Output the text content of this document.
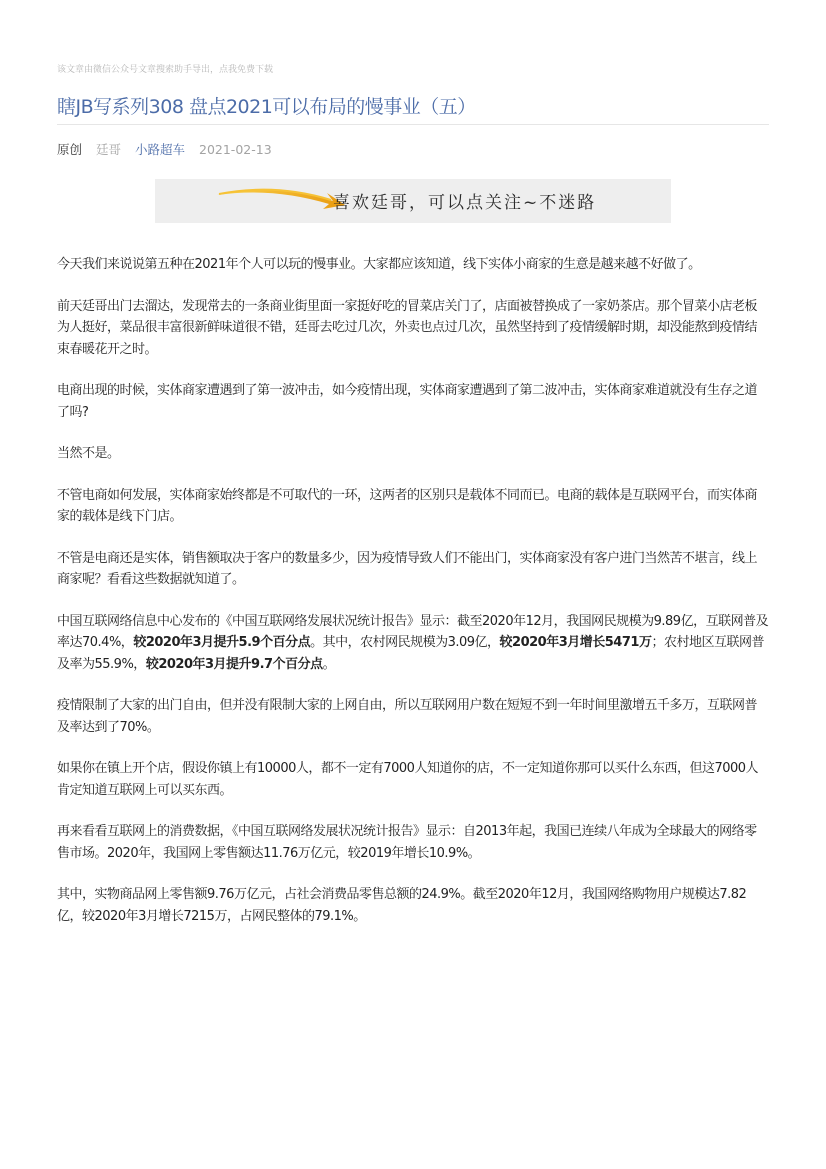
该文章由微信公众号文章搜索助手导出，点我免费下载
瞎JB写系列308 盘点2021可以布局的慢事业（五）
原创 廷哥 小路超车 2021-02-13
喜欢廷哥，可以点关注~不迷路

今天我们来说说第五种在2021年个人可以玩的慢事业。大家都应该知道，线下实体小商家的生意是越来越不好做了。

前天廷哥出门去溜达，发现常去的一条商业街里面一家挺好吃的冒菜店关门了，店面被替换成了一家奶茶店。那个冒菜小店老板为人挺好，菜品很丰富很新鲜味道很不错，廷哥去吃过几次，外卖也点过几次，虽然坚持到了疫情缓解时期，却没能熬到疫情结束春暖花开之时。

电商出现的时候，实体商家遭遇到了第一波冲击，如今疫情出现，实体商家遭遇到了第二波冲击，实体商家难道就没有生存之道了吗?

当然不是。

不管电商如何发展，实体商家始终都是不可取代的一环，这两者的区别只是载体不同而已。电商的载体是互联网平台，而实体商家的载体是线下门店。

不管是电商还是实体，销售额取决于客户的数量多少，因为疫情导致人们不能出门，实体商家没有客户进门当然苦不堪言，线上商家呢？看看这些数据就知道了。

中国互联网络信息中心发布的《中国互联网络发展状况统计报告》显示：截至2020年12月，我国网民规模为9.89亿，互联网普及率达70.4%，较2020年3月提升5.9个百分点。其中，农村网民规模为3.09亿，较2020年3月增长5471万；农村地区互联网普及率为55.9%，较2020年3月提升9.7个百分点。

疫情限制了大家的出门自由，但并没有限制大家的上网自由，所以互联网用户数在短短不到一年时间里激增五千多万，互联网普及率达到了70%。

如果你在镇上开个店，假设你镇上有10000人，都不一定有7000人知道你的店，不一定知道你那可以买什么东西，但这7000人肯定知道互联网上可以买东西。

再来看看互联网上的消费数据，《中国互联网络发展状况统计报告》显示：自2013年起，我国已连续八年成为全球最大的网络零售市场。2020年，我国网上零售额达11.76万亿元，较2019年增长10.9%。

其中，实物商品网上零售额9.76万亿元，占社会消费品零售总额的24.9%。截至2020年12月，我国网络购物用户规模达7.82亿，较2020年3月增长7215万，占网民整体的79.1%。
